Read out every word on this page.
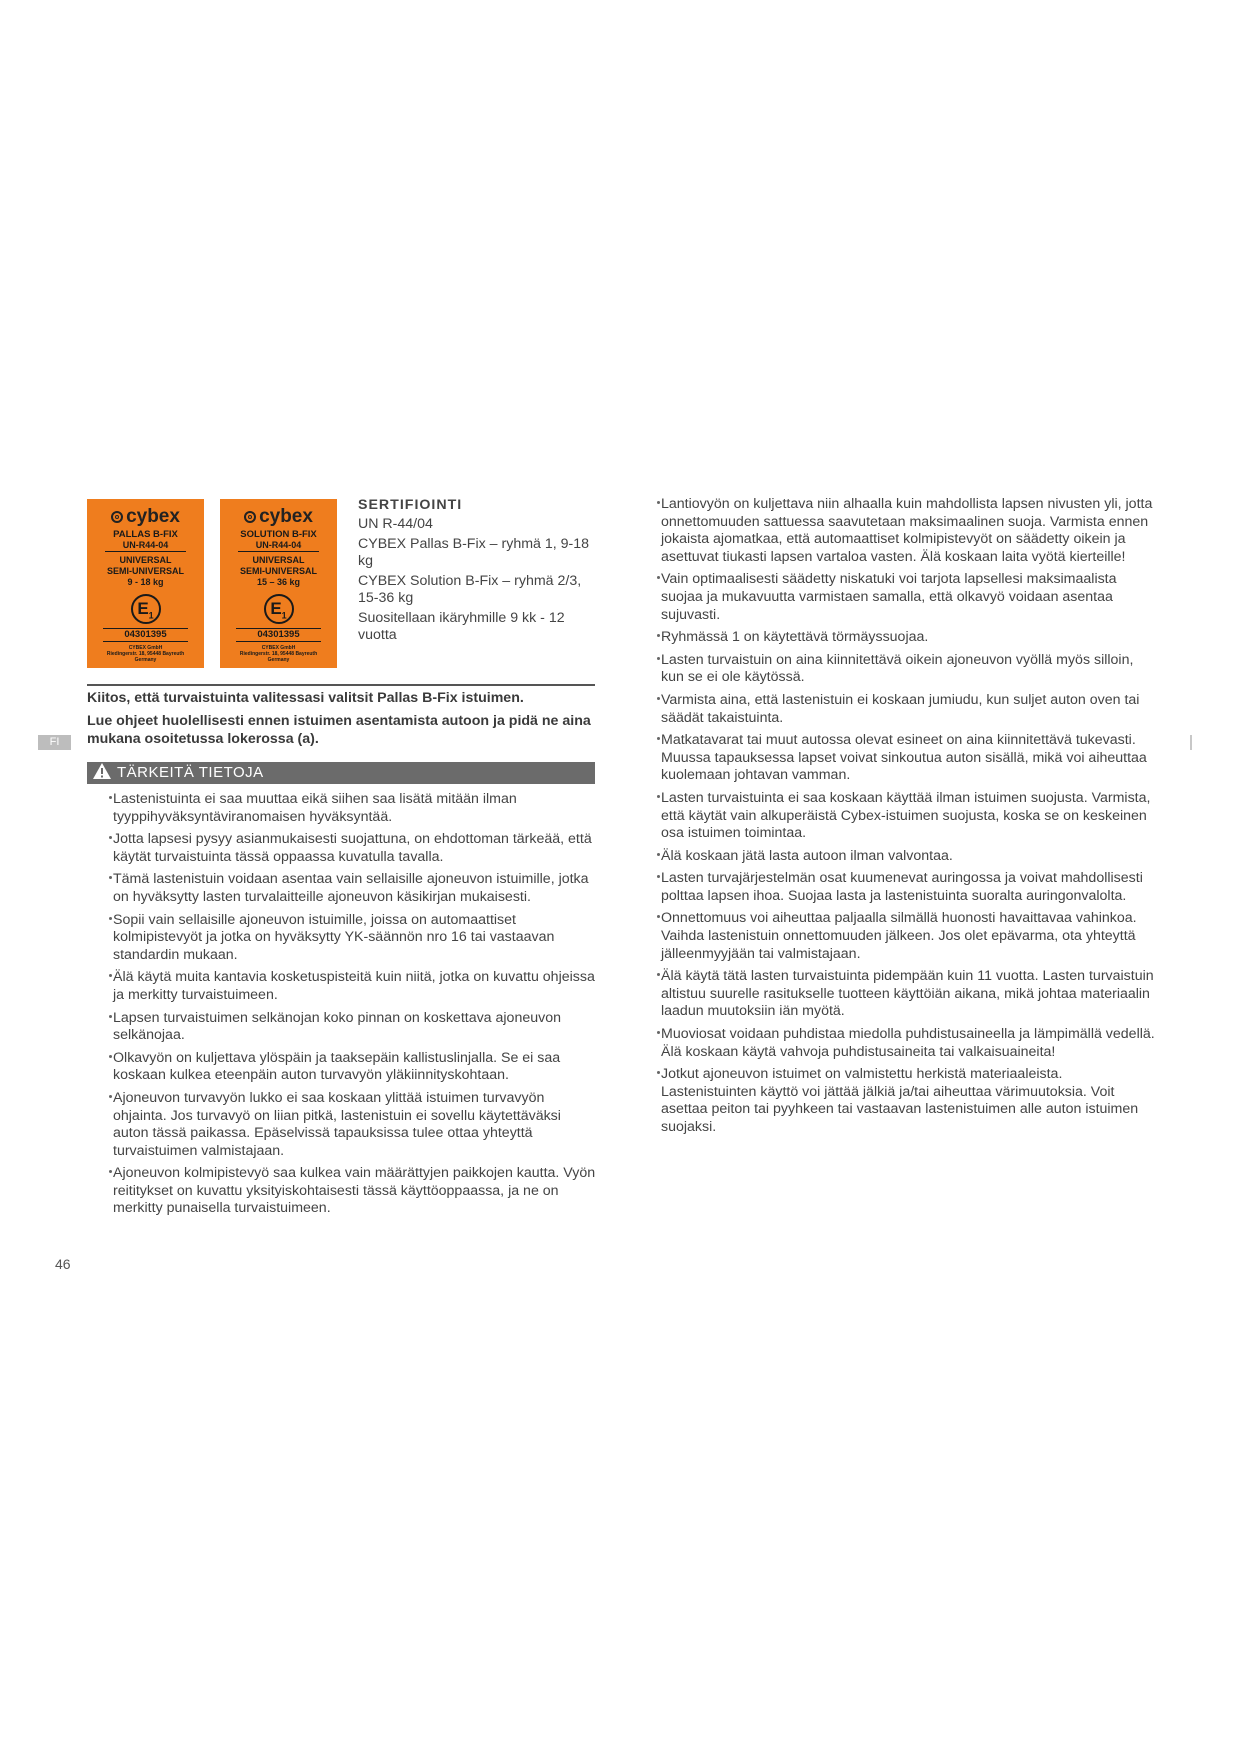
cybex
PALLAS B-FIX
UN-R44-04
UNIVERSAL
SEMI-UNIVERSAL
9 - 18 kg
$E_1$
04301395
CYBEX GmbH
Riedingerstr. 18, 95448 Bayreuth
Germany
cybex
SOLUTION B-FIX
UN-R44-04
UNIVERSAL
SEMI-UNIVERSAL
15 – 36 kg
$E_1$
04301395
CYBEX GmbH
Riedingerstr. 18, 95448 Bayreuth
Germany
SERTIFIOINTI
UN R-44/04
CYBEX Pallas B-Fix – ryhmä 1, 9-18 kg
CYBEX Solution B-Fix – ryhmä 2/3, 15-36 kg
Suositellaan ikäryhmille 9 kk - 12 vuotta

Kiitos, että turvaistuinta valitessasi valitsit Pallas B-Fix istuimen.

Lue ohjeet huolellisesti ennen istuimen asentamista autoon ja pidä ne aina mukana osoitetussa lokerossa (a).

FI
TÄRKEITÄ TIETOJA
Lastenistuinta ei saa muuttaa eikä siihen saa lisätä mitään ilman tyyppihyväksyntäviranomaisen hyväksyntää.
Jotta lapsesi pysyy asianmukaisesti suojattuna, on ehdottoman tärkeää, että käytät turvaistuinta tässä oppaassa kuvatulla tavalla.
Tämä lastenistuin voidaan asentaa vain sellaisille ajoneuvon istuimille, jotka on hyväksytty lasten turvalaitteille ajoneuvon käsikirjan mukaisesti.
Sopii vain sellaisille ajoneuvon istuimille, joissa on automaattiset kolmipistevyöt ja jotka on hyväksytty YK-säännön nro 16 tai vastaavan standardin mukaan.
Älä käytä muita kantavia kosketuspisteitä kuin niitä, jotka on kuvattu ohjeissa ja merkitty turvaistuimeen.
Lapsen turvaistuimen selkänojan koko pinnan on koskettava ajoneuvon selkänojaa.
Olkavyön on kuljettava ylöspäin ja taaksepäin kallistuslinjalla. Se ei saa koskaan kulkea eteenpäin auton turvavyön yläkiinnityskohtaan.
Ajoneuvon turvavyön lukko ei saa koskaan ylittää istuimen turvavyön ohjainta. Jos turvavyö on liian pitkä, lastenistuin ei sovellu käytettäväksi auton tässä paikassa. Epäselvissä tapauksissa tulee ottaa yhteyttä turvaistuimen valmistajaan.
Ajoneuvon kolmipistevyö saa kulkea vain määrättyjen paikkojen kautta. Vyön reititykset on kuvattu yksityiskohtaisesti tässä käyttöoppaassa, ja ne on merkitty punaisella turvaistuimeen.
Lantiovyön on kuljettava niin alhaalla kuin mahdollista lapsen nivusten yli, jotta onnettomuuden sattuessa saavutetaan maksimaalinen suoja. Varmista ennen jokaista ajomatkaa, että automaattiset kolmipistevyöt on säädetty oikein ja asettuvat tiukasti lapsen vartaloa vasten. Älä koskaan laita vyötä kierteille!
Vain optimaalisesti säädetty niskatuki voi tarjota lapsellesi maksimaalista suojaa ja mukavuutta varmistaen samalla, että olkavyö voidaan asentaa sujuvasti.
Ryhmässä 1 on käytettävä törmäyssuojaa.
Lasten turvaistuin on aina kiinnitettävä oikein ajoneuvon vyöllä myös silloin, kun se ei ole käytössä.
Varmista aina, että lastenistuin ei koskaan jumiudu, kun suljet auton oven tai säädät takaistuinta.
Matkatavarat tai muut autossa olevat esineet on aina kiinnitettävä tukevasti. Muussa tapauksessa lapset voivat sinkoutua auton sisällä, mikä voi aiheuttaa kuolemaan johtavan vamman.
Lasten turvaistuinta ei saa koskaan käyttää ilman istuimen suojusta. Varmista, että käytät vain alkuperäistä Cybex-istuimen suojusta, koska se on keskeinen osa istuimen toimintaa.
Älä koskaan jätä lasta autoon ilman valvontaa.
Lasten turvajärjestelmän osat kuumenevat auringossa ja voivat mahdollisesti polttaa lapsen ihoa. Suojaa lasta ja lastenistuinta suoralta auringonvalolta.
Onnettomuus voi aiheuttaa paljaalla silmällä huonosti havaittavaa vahinkoa. Vaihda lastenistuin onnettomuuden jälkeen. Jos olet epävarma, ota yhteyttä jälleenmyyjään tai valmistajaan.
Älä käytä tätä lasten turvaistuinta pidempään kuin 11 vuotta. Lasten turvaistuin altistuu suurelle rasitukselle tuotteen käyttöiän aikana, mikä johtaa materiaalin laadun muutoksiin iän myötä.
Muoviosat voidaan puhdistaa miedolla puhdistusaineella ja lämpimällä vedellä. Älä koskaan käytä vahvoja puhdistusaineita tai valkaisuaineita!
Jotkut ajoneuvon istuimet on valmistettu herkistä materiaaleista. Lastenistuinten käyttö voi jättää jälkiä ja/tai aiheuttaa värimuutoksia. Voit asettaa peiton tai pyyhkeen tai vastaavan lastenistuimen alle auton istuimen suojaksi.
46
